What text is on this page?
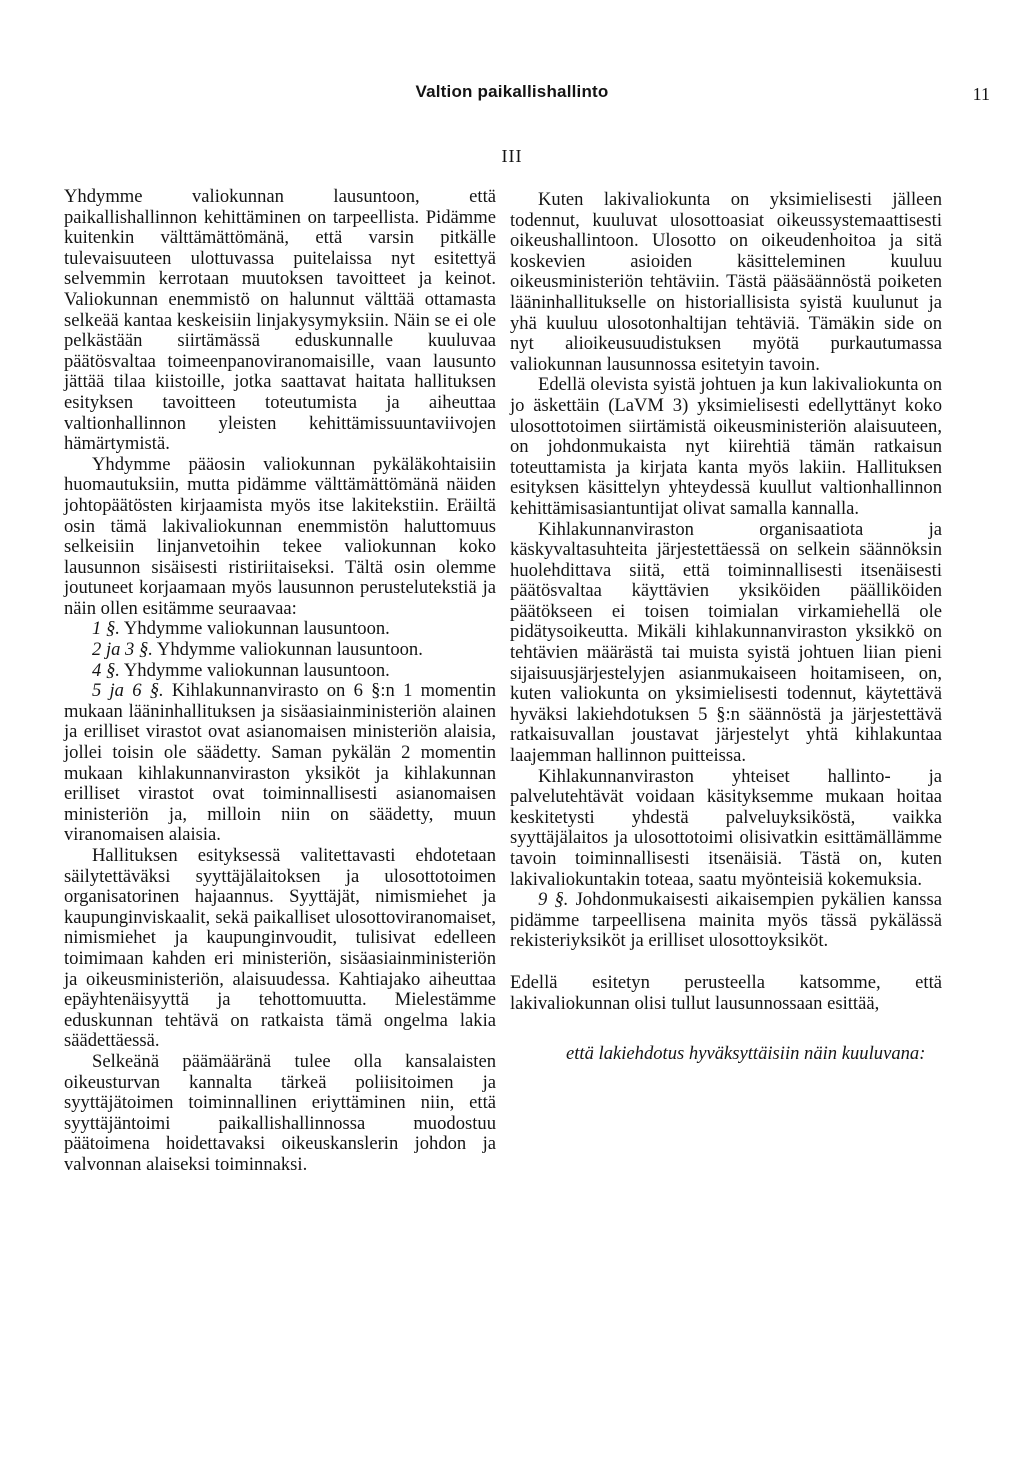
Valtion paikallishallinto	11
III

Yhdymme valiokunnan lausuntoon, että paikallishallinnon kehittäminen on tarpeellista. Pidämme kuitenkin välttämättömänä, että varsin pitkälle tulevaisuuteen ulottuvassa puitelaissa nyt esitettyä selvemmin kerrotaan muutoksen tavoitteet ja keinot. Valiokunnan enemmistö on halunnut välttää ottamasta selkeää kantaa keskeisiin linjakysymyksiin. Näin se ei ole pelkästään siirtämässä eduskunnalle kuuluvaa päätösvaltaa toimeenpanoviranomaisille, vaan lausunto jättää tilaa kiistoille, jotka saattavat haitata hallituksen esityksen tavoitteen toteutumista ja aiheuttaa valtionhallinnon yleisten kehittämissuuntaviivojen hämärtymistä.

Yhdymme pääosin valiokunnan pykäläkohtaisiin huomautuksiin, mutta pidämme välttämättömänä näiden johtopäätösten kirjaamista myös itse lakitekstiin. Eräiltä osin tämä lakivaliokunnan enemmistön haluttomuus selkeisiin linjanvetoihin tekee valiokunnan koko lausunnon sisäisesti ristiriitaiseksi. Tältä osin olemme joutuneet korjaamaan myös lausunnon perustelutekstiä ja näin ollen esitämme seuraavaa:

1 §. Yhdymme valiokunnan lausuntoon.

2 ja 3 §. Yhdymme valiokunnan lausuntoon.

4 §. Yhdymme valiokunnan lausuntoon.

5 ja 6 §. Kihlakunnanvirasto on 6 §:n 1 momentin mukaan lääninhallituksen ja sisäasiainministeriön alainen ja erilliset virastot ovat asianomaisen ministeriön alaisia, jollei toisin ole säädetty. Saman pykälän 2 momentin mukaan kihlakunnanviraston yksiköt ja kihlakunnan erilliset virastot ovat toiminnallisesti asianomaisen ministeriön ja, milloin niin on säädetty, muun viranomaisen alaisia.

Hallituksen esityksessä valitettavasti ehdotetaan säilytettäväksi syyttäjälaitoksen ja ulosottotoimen organisatorinen hajaannus. Syyttäjät, nimismiehet ja kaupunginviskaalit, sekä paikalliset ulosottoviranomaiset, nimismiehet ja kaupunginvoudit, tulisivat edelleen toimimaan kahden eri ministeriön, sisäasiainministeriön ja oikeusministeriön, alaisuudessa. Kahtiajako aiheuttaa epäyhtenäisyyttä ja tehottomuutta. Mielestämme eduskunnan tehtävä on ratkaista tämä ongelma lakia säädettäessä.

Selkeänä päämääränä tulee olla kansalaisten oikeusturvan kannalta tärkeä poliisitoimen ja syyttäjätoimen toiminnallinen eriyttäminen niin, että syyttäjäntoimi paikallishallinnossa muodostuu päätoimena hoidettavaksi oikeuskanslerin johdon ja valvonnan alaiseksi toiminnaksi.

Kuten lakivaliokunta on yksimielisesti jälleen todennut, kuuluvat ulosottoasiat oikeussystemaattisesti oikeushallintoon. Ulosotto on oikeudenhoitoa ja sitä koskevien asioiden käsitteleminen kuuluu oikeusministeriön tehtäviin. Tästä pääsäännöstä poiketen lääninhallitukselle on historiallisista syistä kuulunut ja yhä kuuluu ulosotonhaltijan tehtäviä. Tämäkin side on nyt alioikeusuudistuksen myötä purkautumassa valiokunnan lausunnossa esitetyin tavoin.

Edellä olevista syistä johtuen ja kun lakivaliokunta on jo äskettäin (LaVM 3) yksimielisesti edellyttänyt koko ulosottotoimen siirtämistä oikeusministeriön alaisuuteen, on johdonmukaista nyt kiirehtiä tämän ratkaisun toteuttamista ja kirjata kanta myös lakiin. Hallituksen esityksen käsittelyn yhteydessä kuullut valtionhallinnon kehittämisasiantuntijat olivat samalla kannalla.

Kihlakunnanviraston organisaatiota ja käskyvaltasuhteita järjestettäessä on selkein säännöksin huolehdittava siitä, että toiminnallisesti itsenäisesti päätösvaltaa käyttävien yksiköiden päälliköiden päätökseen ei toisen toimialan virkamiehellä ole pidätysoikeutta. Mikäli kihlakunnanviraston yksikkö on tehtävien määrästä tai muista syistä johtuen liian pieni sijaisuusjärjestelyjen asianmukaiseen hoitamiseen, on, kuten valiokunta on yksimielisesti todennut, käytettävä hyväksi lakiehdotuksen 5 §:n säännöstä ja järjestettävä ratkaisuvallan joustavat järjestelyt yhtä kihlakuntaa laajemman hallinnon puitteissa.

Kihlakunnanviraston yhteiset hallinto- ja palvelutehtävät voidaan käsityksemme mukaan hoitaa keskitetysti yhdestä palveluyksiköstä, vaikka syyttäjälaitos ja ulosottotoimi olisivatkin esittämällämme tavoin toiminnallisesti itsenäisiä. Tästä on, kuten lakivaliokuntakin toteaa, saatu myönteisiä kokemuksia.

9 §. Johdonmukaisesti aikaisempien pykälien kanssa pidämme tarpeellisena mainita myös tässä pykälässä rekisteriyksiköt ja erilliset ulosottoyksiköt.

Edellä esitetyn perusteella katsomme, että lakivaliokunnan olisi tullut lausunnossaan esittää,

että lakiehdotus hyväksyttäisiin näin kuuluvana:
